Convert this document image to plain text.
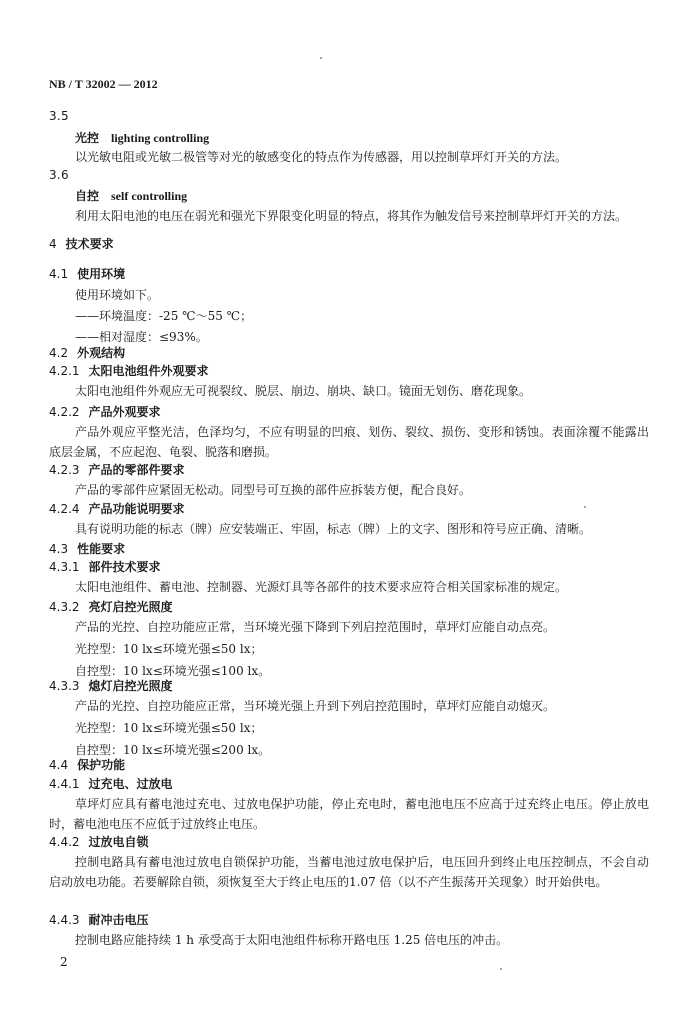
NB / T 32002 — 2012
3.5
光控 lighting controlling
以光敏电阻或光敏二极管等对光的敏感变化的特点作为传感器，用以控制草坪灯开关的方法。
3.6
自控 self controlling
利用太阳电池的电压在弱光和强光下界限变化明显的特点，将其作为触发信号来控制草坪灯开关的方法。
4 技术要求
4.1 使用环境
使用环境如下。
——环境温度：-25 ℃～55 ℃；
——相对湿度：≤93%。
4.2 外观结构
4.2.1 太阳电池组件外观要求
太阳电池组件外观应无可视裂纹、脱层、崩边、崩块、缺口。镜面无划伤、磨花现象。
4.2.2 产品外观要求
产品外观应平整光洁，色泽均匀，不应有明显的凹痕、划伤、裂纹、损伤、变形和锈蚀。表面涂覆不能露出底层金属，不应起泡、龟裂、脱落和磨损。
4.2.3 产品的零部件要求
产品的零部件应紧固无松动。同型号可互换的部件应拆装方便，配合良好。
4.2.4 产品功能说明要求
具有说明功能的标志（牌）应安装端正、牢固，标志（牌）上的文字、图形和符号应正确、清晰。
4.3 性能要求
4.3.1 部件技术要求
太阳电池组件、蓄电池、控制器、光源灯具等各部件的技术要求应符合相关国家标准的规定。
4.3.2 亮灯启控光照度
产品的光控、自控功能应正常，当环境光强下降到下列启控范围时，草坪灯应能自动点亮。
光控型：10 lx≤环境光强≤50 lx；
自控型：10 lx≤环境光强≤100 lx。
4.3.3 熄灯启控光照度
产品的光控、自控功能应正常，当环境光强上升到下列启控范围时，草坪灯应能自动熄灭。
光控型：10 lx≤环境光强≤50 lx；
自控型：10 lx≤环境光强≤200 lx。
4.4 保护功能
4.4.1 过充电、过放电
草坪灯应具有蓄电池过充电、过放电保护功能，停止充电时，蓄电池电压不应高于过充终止电压。停止放电时，蓄电池电压不应低于过放终止电压。
4.4.2 过放电自锁
控制电路具有蓄电池过放电自锁保护功能，当蓄电池过放电保护后，电压回升到终止电压控制点，不会自动启动放电功能。若要解除自锁，须恢复至大于终止电压的1.07 倍（以不产生振荡开关现象）时开始供电。
4.4.3 耐冲击电压
控制电路应能持续 1 h 承受高于太阳电池组件标称开路电压 1.25 倍电压的冲击。
2
